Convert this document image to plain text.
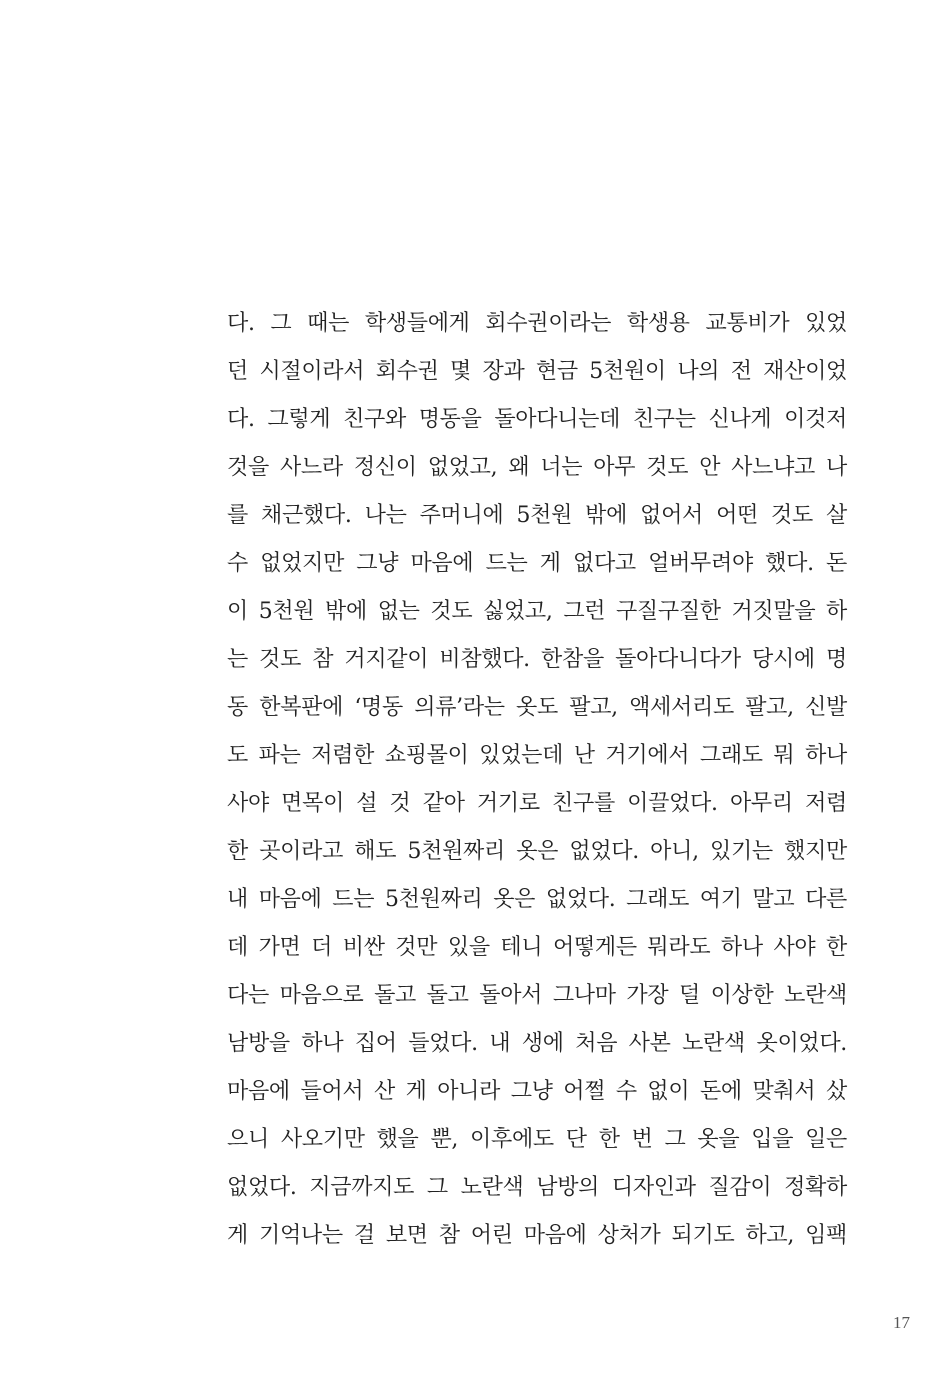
다. 그 때는 학생들에게 회수권이라는 학생용 교통비가 있었
던 시절이라서 회수권 몇 장과 현금 5천원이 나의 전 재산이었
다. 그렇게 친구와 명동을 돌아다니는데 친구는 신나게 이것저
것을 사느라 정신이 없었고, 왜 너는 아무 것도 안 사느냐고 나
를 채근했다. 나는 주머니에 5천원 밖에 없어서 어떤 것도 살
수 없었지만 그냥 마음에 드는 게 없다고 얼버무려야 했다. 돈
이 5천원 밖에 없는 것도 싫었고, 그런 구질구질한 거짓말을 하
는 것도 참 거지같이 비참했다. 한참을 돌아다니다가 당시에 명
동 한복판에 ‘명동 의류’라는 옷도 팔고, 액세서리도 팔고, 신발
도 파는 저렴한 쇼핑몰이 있었는데 난 거기에서 그래도 뭐 하나
사야 면목이 설 것 같아 거기로 친구를 이끌었다. 아무리 저렴
한 곳이라고 해도 5천원짜리 옷은 없었다. 아니, 있기는 했지만
내 마음에 드는 5천원짜리 옷은 없었다. 그래도 여기 말고 다른
데 가면 더 비싼 것만 있을 테니 어떻게든 뭐라도 하나 사야 한
다는 마음으로 돌고 돌고 돌아서 그나마 가장 덜 이상한 노란색
남방을 하나 집어 들었다. 내 생에 처음 사본 노란색 옷이었다.
마음에 들어서 산 게 아니라 그냥 어쩔 수 없이 돈에 맞춰서 샀
으니 사오기만 했을 뿐, 이후에도 단 한 번 그 옷을 입을 일은
없었다. 지금까지도 그 노란색 남방의 디자인과 질감이 정확하
게 기억나는 걸 보면 참 어린 마음에 상처가 되기도 하고, 임팩
17
